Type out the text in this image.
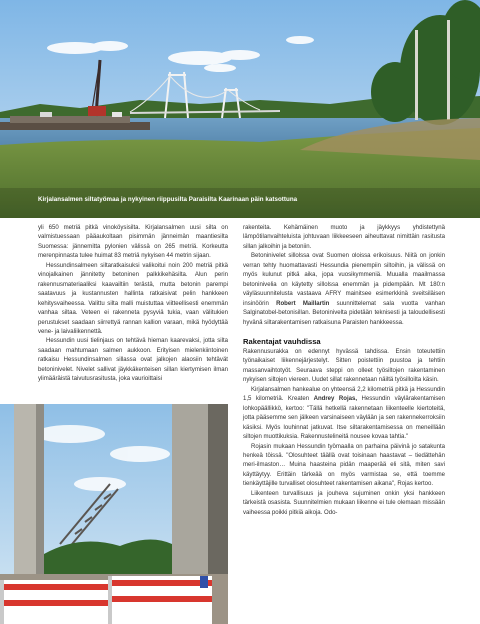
Kirjalansalmen siltatyömaa ja nykyinen riippusilta Paraisilta Kaarinaan päin katsottuna

yli 650 metriä pitkä vinoköysisilta. Kirjalansalmen uusi silta on valmistuessaan pääaukoltaan pisimmän jänneimän maantiesilta Suomessa: jännemitta pylonien välissä on 265 metriä. Korkeutta merenpinnasta tulee huimat 83 metriä nykyisen 44 metrin sijaan.

Hessundinsalmeen siltaratkaisuksi valikoitui noin 200 metriä pitkä vinojalkainen jännitetty betoninen palkkikehäsilta. Alun perin rakennusmateriaaliksi kaavailtiin terästä, mutta betonin parempi saatavuus ja kustannusten hallinta ratkaisivat pelin hankkeen kehitysvaiheessa. Valittu silta malli muistuttaa viitteellisesti enemmän vanhaa siltaa. Veteen ei rakenneta pysyviä tukia, vaan välitukien perustukset saadaan siirrettyä rannan kallion varaan, mikä hyödyttää vene- ja laivaliikennettä.

Hessundin uusi tielinjaus on tehtävä hieman kaarevaksi, jotta silta saadaan mahtumaan salmen aukkoon. Erityisen mielenkiintoinen ratkaisu Hessundinsalmen sillassa ovat jalkojen alaosiin tehtävät betoninivelet. Nivelet sallivat jäykkäkenteisen sillan kiertymisen ilman ylimääräistä taivutusrasitusta, joka vaurioittaisi

rakenteita. Kehämäinen muoto ja jäykkyys yhdistettynä lämpötilanvaihteluista johtuvaan liikkeeseen aiheuttavat nimittäin rasitusta sillan jalkoihin ja betoniin.

Betoninivelet sillolssa ovat Suomen oloissa erikoisuus. Niitä on jonkin verran tehty huomattavasti Hessundia pienempiin siltoihin, ja välissä on myös kulunut pitkä aika, jopa vuosikymmeniä. Muualla maailmassa betoninivelia on käytetty sillolssa enemmän ja pidempään. Mt 180:n väyläsuunnitelusta vastaava AFRY mainitsee esimerkkinä sveitsiläisen insinöörin Robert Maillartin suunnittelemat sala vuotta vanhan Salginatobel-betonisillan. Betoninivelta pidetään teknisesti ja taloudellisesti hyvänä siltarakentamisen ratkaisuna Paraisten hankkeessa.

Rakentajat vauhdissa

Rakennusurakka on edennyt hyvässä tahdissa. Ensin toteutettiin työnaikaiset liikennejärjestelyt. Sitten poistettiin puustoa ja tehtiin massanvaihtotyöt. Seuraava steppi on olleet työsiltojen rakentaminen nykyisen siltojen viereen. Uudet sillat rakennetaan näiltä työsilloilta käsin.

Kirjalansalmen hankealue on yhteensä 2,2 kilometriä pitkä ja Hessundin 1,5 kilometriä. Kreaten Andrey Rojas, Hessundin väylärakentamisen lohkopäällikkö, kertoo: "Tällä hetkellä rakennetaan liikenteelle kiertoteitä, jotta pääsemme sen jälkeen varsinaiseen väylään ja sen rakennekerroksiin käsiksi. Myös louhinnat jatkuvat. Itse siltarakentamisessa on meneillään siltojen muottikuksia. Rakennustelineitä nousee kovaa tahtia."

Rojasin mukaan Hessundin työmaalla on parhaina päivinä jo satakunta henkeä töissä. "Olosuhteet täällä ovat toisinaan haastavat – tiedättehän meri-ilmaston… Muina haasteina pidän maaperää eli sitä, miten savi käyttäytyy. Erittäin tärkeää on myös varmistaa se, että toemme tienkäyttäjille turvalliset olosuhteet rakentamisen aikana", Rojas kertoo.

Liikenteen turvallisuus ja jouheva sujuminen onkin yksi hankkeen tärkeistä osasista. Suunnitelmien mukaan liikenne ei tule olemaan missään vaiheessa poikki pitkiä aikoja. Odo-
